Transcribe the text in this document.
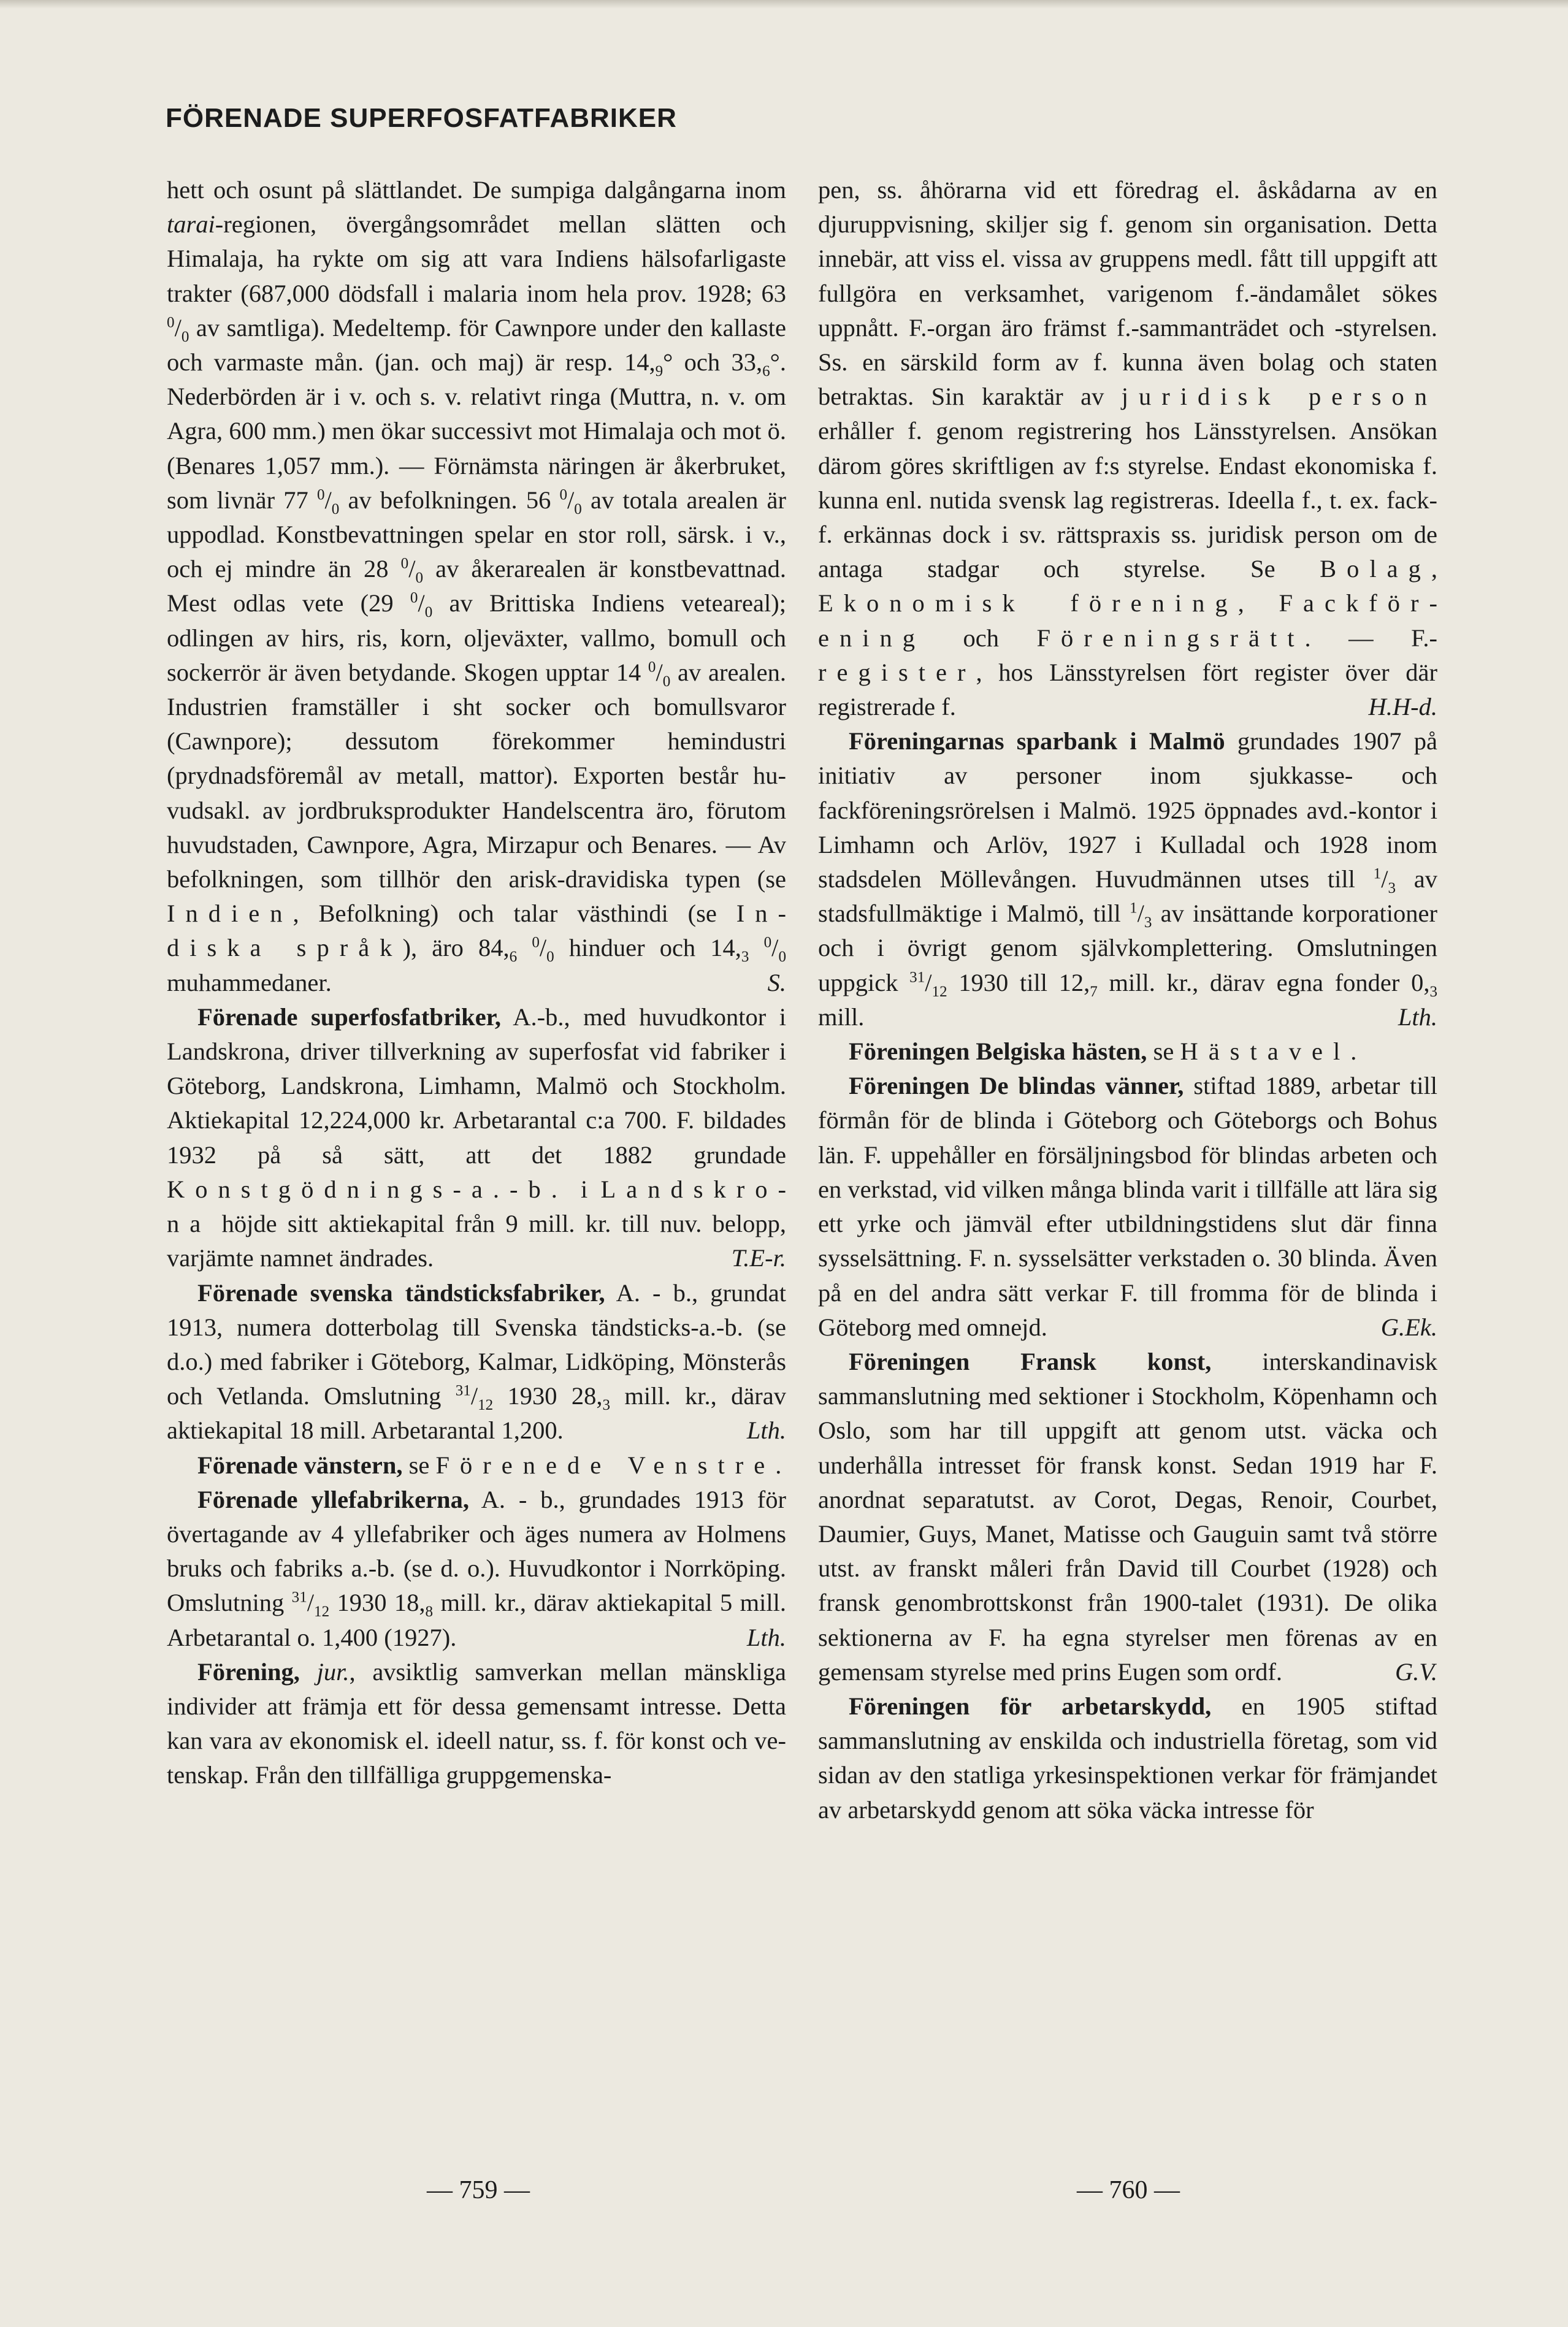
FÖRENADE SUPERFOSFATFABRIKER

hett och osunt på slättlandet. De sumpiga dalgångarna inom tarai-regionen, övergångsområdet mellan slätten och Himalaja, ha rykte om sig att vara Indiens hälsofarligaste trakter (687,000 dödsfall i malaria inom hela prov. 1928; 63 $^0/_0$ av samtliga). Medeltemp. för Cawnpore under den kallaste och varmaste mån. (jan. och maj) är resp. $14,_9^\circ$ och $33,_6^\circ$. Nederbörden är i v. och s. v. relativt ringa (Muttra, n. v. om Agra, 600 mm.) men ökar successivt mot Himalaja och mot ö. (Benares 1,057 mm.). — Förnämsta näringen är åkerbruket, som livnär 77 $^0/_0$ av befolkningen. 56 $^0/_0$ av totala arealen är uppodlad. Konstbevattningen spelar en stor roll, särsk. i v., och ej mindre än 28 $^0/_0$ av åkerarealen är konstbevattnad. Mest odlas vete (29 $^0/_0$ av Brittiska Indiens veteareal); odlingen av hirs, ris, korn, oljeväxter, vallmo, bomull och sockerrör är även betydande. Skogen upptar 14 $^0/_0$ av arealen. Industrien framställer i sht socker och bomullsvaror (Cawnpore); dessutom förekommer hemindustri (prydnadsföremål av metall, mattor). Exporten består huvudsakl. av jordbruksprodukter Handelscentra äro, förutom huvudstaden, Cawnpore, Agra, Mirzapur och Benares. — Av befolkningen, som tillhör den arisk-dravidiska typen (se Indien, Befolkning) och talar västhindi (se Indiska språk), äro $84,_6$ $^0/_0$ hinduer och $14,_3$ $^0/_0$ muhammedaner.	S.

Förenade superfosfatbriker, A.-b., med huvudkontor i Landskrona, driver tillverkning av superfosfat vid fabriker i Göteborg, Landskrona, Limhamn, Malmö och Stockholm. Aktiekapital 12,224,000 kr. Arbetarantal c:a 700. F. bildades 1932 på så sätt, att det 1882 grundade Konstgödnings-a.-b. i Landskrona höjde sitt aktiekapital från 9 mill. kr. till nuv. belopp, varjämte namnet ändrades.	T.E-r.

Förenade svenska tändsticksfabriker, A. - b., grundat 1913, numera dotterbolag till Svenska tändsticks-a.-b. (se d.o.) med fabriker i Göteborg, Kalmar, Lidköping, Mönsterås och Vetlanda. Omslutning $^{31}/_{12}$ 1930 $28,_3$ mill. kr., därav aktiekapital 18 mill. Arbetarantal 1,200.	Lth.

Förenade vänstern, se Förenede Venstre.

Förenade yllefabrikerna, A. - b., grundades 1913 för övertagande av 4 yllefabriker och äges numera av Holmens bruks och fabriks a.-b. (se d. o.). Huvudkontor i Norrköping. Omslutning $^{31}/_{12}$ 1930 $18,_8$ mill. kr., därav aktiekapital 5 mill. Arbetarantal o. 1,400 (1927).	Lth.

Förening, jur., avsiktlig samverkan mellan mänskliga individer att främja ett för dessa gemensamt intresse. Detta kan vara av ekonomisk el. ideell natur, ss. f. för konst och vetenskap. Från den tillfälliga gruppgemenska-

pen, ss. åhörarna vid ett föredrag el. åskådarna av en djuruppvisning, skiljer sig f. genom sin organisation. Detta innebär, att viss el. vissa av gruppens medl. fått till uppgift att fullgöra en verksamhet, varigenom f.-ändamålet sökes uppnått. F.-organ äro främst f.-sammanträdet och -styrelsen. Ss. en särskild form av f. kunna även bolag och staten betraktas. Sin karaktär av juridisk person erhåller f. genom registrering hos Länsstyrelsen. Ansökan därom göres skriftligen av f:s styrelse. Endast ekonomiska f. kunna enl. nutida svensk lag registreras. Ideella f., t. ex. fack-f. erkännas dock i sv. rättspraxis ss. juridisk person om de antaga stadgar och styrelse. Se Bolag, Ekonomisk förening, Fackförening och Föreningsrätt. — F.-register, hos Länsstyrelsen fört register över där registrerade f.	H.H-d.

Föreningarnas sparbank i Malmö grundades 1907 på initiativ av personer inom sjukkasse- och fackföreningsrörelsen i Malmö. 1925 öppnades avd.-kontor i Limhamn och Arlöv, 1927 i Kulladal och 1928 inom stadsdelen Möllevången. Huvudmännen utses till $^1/_3$ av stadsfullmäktige i Malmö, till $^1/_3$ av insättande korporationer och i övrigt genom självkomplettering. Omslutningen uppgick $^{31}/_{12}$ 1930 till $12,_7$ mill. kr., därav egna fonder $0,_3$ mill.	Lth.

Föreningen Belgiska hästen, se Hästavel.

Föreningen De blindas vänner, stiftad 1889, arbetar till förmån för de blinda i Göteborg och Göteborgs och Bohus län. F. uppehåller en försäljningsbod för blindas arbeten och en verkstad, vid vilken många blinda varit i tillfälle att lära sig ett yrke och jämväl efter utbildningstidens slut där finna sysselsättning. F. n. sysselsätter verkstaden o. 30 blinda. Även på en del andra sätt verkar F. till fromma för de blinda i Göteborg med omnejd.	G.Ek.

Föreningen Fransk konst, interskandinavisk sammanslutning med sektioner i Stockholm, Köpenhamn och Oslo, som har till uppgift att genom utst. väcka och underhålla intresset för fransk konst. Sedan 1919 har F. anordnat separatutst. av Corot, Degas, Renoir, Courbet, Daumier, Guys, Manet, Matisse och Gauguin samt två större utst. av franskt måleri från David till Courbet (1928) och fransk genombrottskonst från 1900-talet (1931). De olika sektionerna av F. ha egna styrelser men förenas av en gemensam styrelse med prins Eugen som ordf.	G.V.

Föreningen för arbetarskydd, en 1905 stiftad sammanslutning av enskilda och industriella företag, som vid sidan av den statliga yrkesinspektionen verkar för främjandet av arbetarskydd genom att söka väcka intresse för

— 759 —	— 760 —
